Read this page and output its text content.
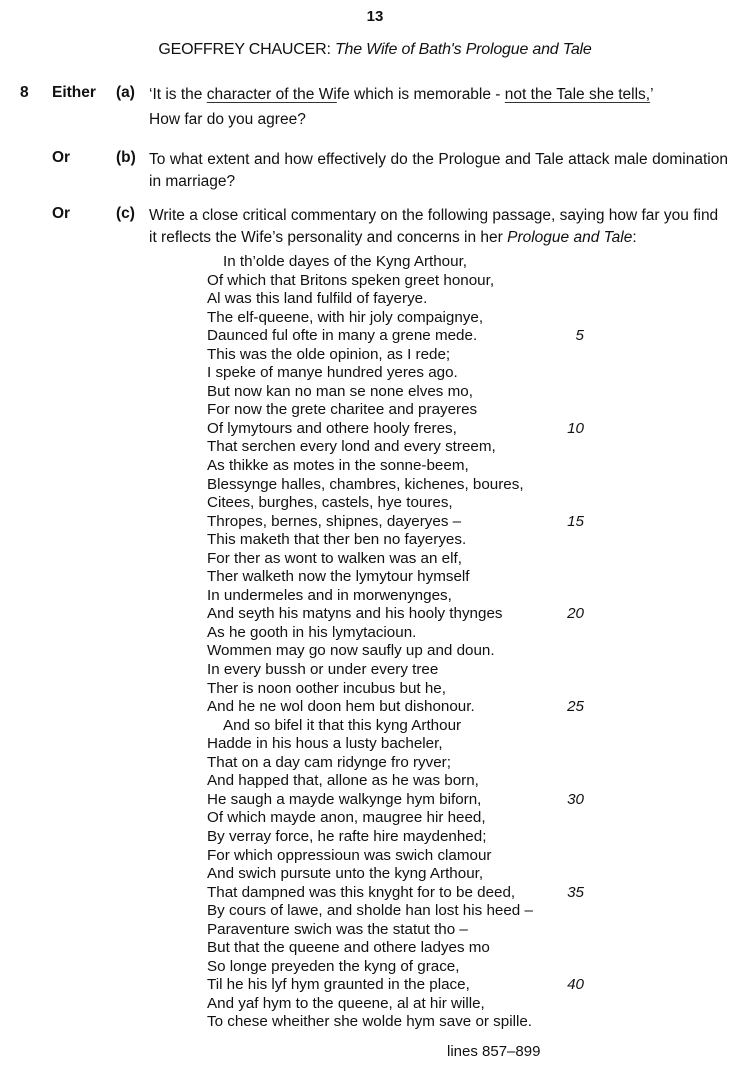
13
GEOFFREY CHAUCER: The Wife of Bath's Prologue and Tale
8 Either (a) ‘It is the character of the Wife which is memorable - not the Tale she tells,’
How far do you agree?
Or	(b) To what extent and how effectively do the Prologue and Tale attack male domination in marriage?
Or	(c) Write a close critical commentary on the following passage, saying how far you find it reflects the Wife’s personality and concerns in her Prologue and Tale:
In th’olde dayes of the Kyng Arthour,
Of which that Britons speken greet honour,
Al was this land fulfild of fayerye.
The elf-queene, with hir joly compaignye,
Daunced ful ofte in many a grene mede.	5
This was the olde opinion, as I rede;
I speke of manye hundred yeres ago.
But now kan no man se none elves mo,
For now the grete charitee and prayeres
Of lymytours and othere hooly freres,	10
That serchen every lond and every streem,
As thikke as motes in the sonne-beem,
Blessynge halles, chambres, kichenes, boures,
Citees, burghes, castels, hye toures,
Thropes, bernes, shipnes, dayeryes –	15
This maketh that ther ben no fayeryes.
For ther as wont to walken was an elf,
Ther walketh now the lymytour hymself
In undermeles and in morwenynges,
And seyth his matyns and his hooly thynges	20
As he gooth in his lymytacioun.
Wommen may go now saufly up and doun.
In every bussh or under every tree
Ther is noon oother incubus but he,
And he ne wol doon hem but dishonour.	25
And so bifel it that this kyng Arthour
Hadde in his hous a lusty bacheler,
That on a day cam ridynge fro ryver;
And happed that, allone as he was born,
He saugh a mayde walkynge hym biforn,	30
Of which mayde anon, maugree hir heed,
By verray force, he rafte hire maydenhed;
For which oppressioun was swich clamour
And swich pursute unto the kyng Arthour,
That dampned was this knyght for to be deed,	35
By cours of lawe, and sholde han lost his heed –
Paraventure swich was the statut tho –
But that the queene and othere ladyes mo
So longe preyeden the kyng of grace,
Til he his lyf hym graunted in the place,	40
And yaf hym to the queene, al at hir wille,
To chese wheither she wolde hym save or spille.
lines 857–899
